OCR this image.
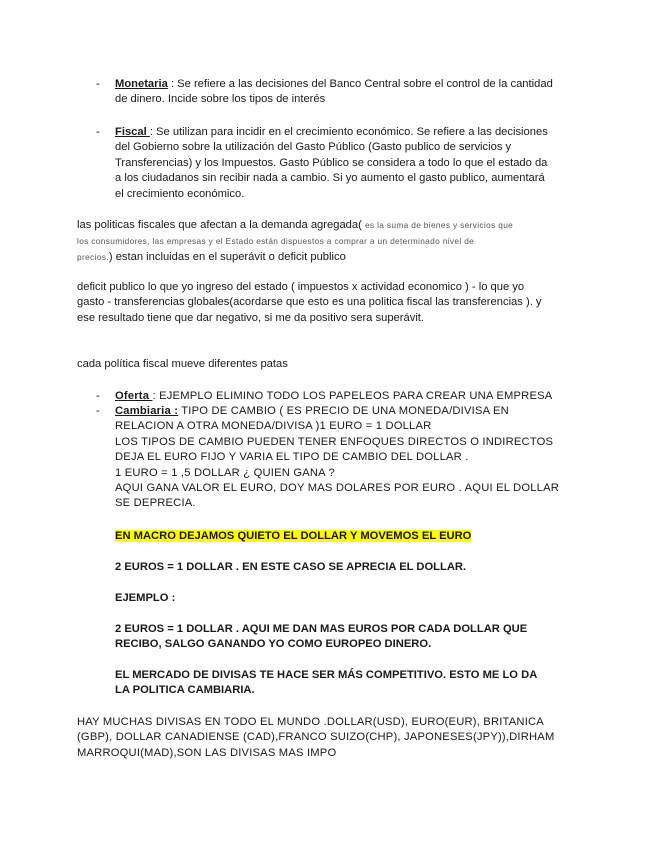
- Monetaria : Se refiere a las decisiones del Banco Central sobre el control de la cantidad
de dinero. Incide sobre los tipos de interés
- Fiscal : Se utilizan para incidir en el crecimiento económico. Se refiere a las decisiones
del Gobierno sobre la utilización del Gasto Público (Gasto publico de servicios y
Transferencias) y los Impuestos. Gasto Público se considera a todo lo que el estado da
a los ciudadanos sin recibir nada a cambio. Si yo aumento el gasto publico, aumentará
el crecimiento económico.
las politicas fiscales que afectan a la demanda agregada( es la suma de bienes y servicios que
los consumidores, las empresas y el Estado están dispuestos a comprar a un determinado nivel de
precios.) estan incluidas en el superávit o deficit publico
deficit publico lo que yo ingreso del estado ( impuestos x actividad economico ) - lo que yo
gasto - transferencias globales(acordarse que esto es una politica fiscal las transferencias ). y
ese resultado tiene que dar negativo, si me da positivo sera superávit.
cada política fiscal mueve diferentes patas
- Oferta : EJEMPLO ELIMINO TODO LOS PAPELEOS PARA CREAR UNA EMPRESA
- Cambiaria : TIPO DE CAMBIO ( ES PRECIO DE UNA MONEDA/DIVISA EN
RELACION A OTRA MONEDA/DIVISA )1 EURO = 1 DOLLAR
LOS TIPOS DE CAMBIO PUEDEN TENER ENFOQUES DIRECTOS O INDIRECTOS
DEJA EL EURO FIJO Y VARIA EL TIPO DE CAMBIO DEL DOLLAR .
1 EURO = 1 ,5 DOLLAR ¿ QUIEN GANA ?
AQUI GANA VALOR EL EURO, DOY MAS DOLARES POR EURO . AQUI EL DOLLAR
SE DEPRECIA.
EN MACRO DEJAMOS QUIETO EL DOLLAR Y MOVEMOS EL EURO
2 EUROS = 1 DOLLAR . EN ESTE CASO SE APRECIA EL DOLLAR.
EJEMPLO :
2 EUROS = 1 DOLLAR . AQUI ME DAN MAS EUROS POR CADA DOLLAR QUE
RECIBO, SALGO GANANDO YO COMO EUROPEO DINERO.
EL MERCADO DE DIVISAS TE HACE SER MÁS COMPETITIVO. ESTO ME LO DA
LA POLITICA CAMBIARIA.
HAY MUCHAS DIVISAS EN TODO EL MUNDO .DOLLAR(USD), EURO(EUR), BRITANICA
(GBP), DOLLAR CANADIENSE (CAD),FRANCO SUIZO(CHP), JAPONESES(JPY)),DIRHAM
MARROQUI(MAD),SON LAS DIVISAS MAS IMPO
